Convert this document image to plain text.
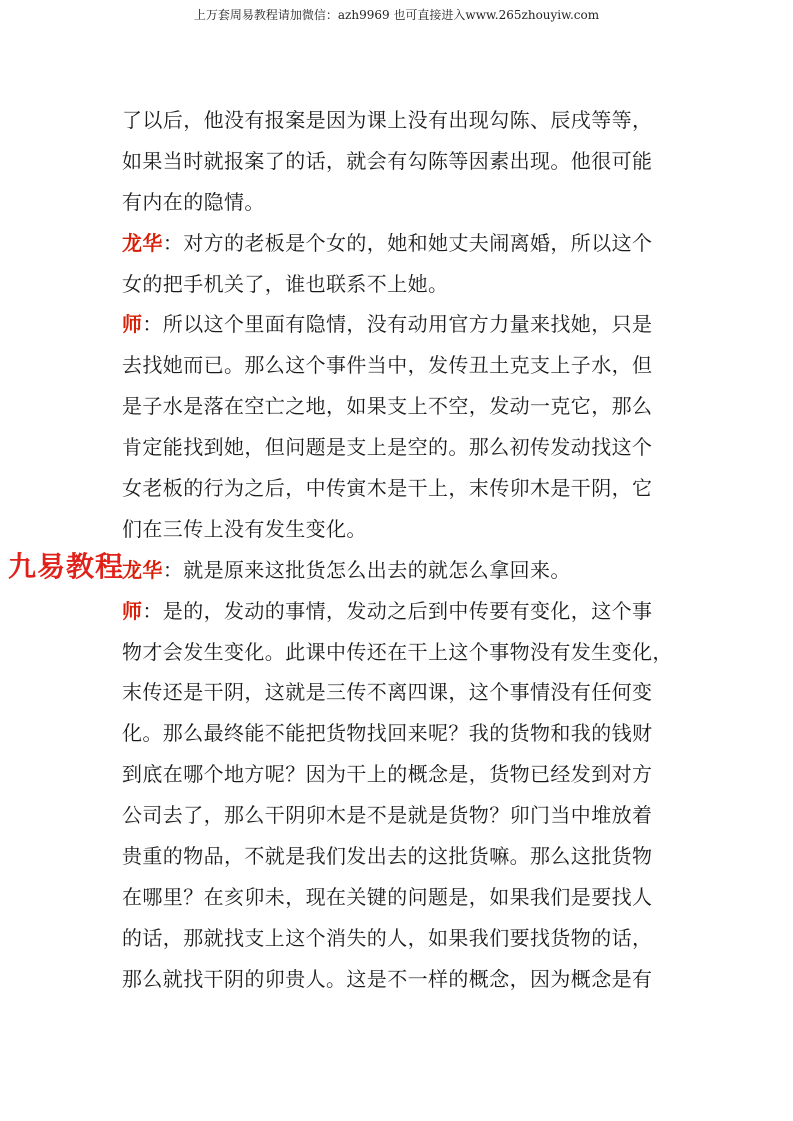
上万套周易教程请加微信：azh9969 也可直接进入www.265zhouyiw.com
了以后，他没有报案是因为课上没有出现勾陈、辰戌等等，
如果当时就报案了的话，就会有勾陈等因素出现。他很可能
有内在的隐情。
龙华：对方的老板是个女的，她和她丈夫闹离婚，所以这个
女的把手机关了，谁也联系不上她。
师：所以这个里面有隐情，没有动用官方力量来找她，只是
去找她而已。那么这个事件当中，发传丑土克支上子水，但
是子水是落在空亡之地，如果支上不空，发动一克它，那么
肯定能找到她，但问题是支上是空的。那么初传发动找这个
女老板的行为之后，中传寅木是干上，末传卯木是干阴，它
们在三传上没有发生变化。
龙华：就是原来这批货怎么出去的就怎么拿回来。
师：是的，发动的事情，发动之后到中传要有变化，这个事
物才会发生变化。此课中传还在干上这个事物没有发生变化，
末传还是干阴，这就是三传不离四课，这个事情没有任何变
化。那么最终能不能把货物找回来呢？我的货物和我的钱财
到底在哪个地方呢？因为干上的概念是，货物已经发到对方
公司去了，那么干阴卯木是不是就是货物？卯门当中堆放着
贵重的物品，不就是我们发出去的这批货嘛。那么这批货物
在哪里？在亥卯未，现在关键的问题是，如果我们是要找人
的话，那就找支上这个消失的人，如果我们要找货物的话，
那么就找干阴的卯贵人。这是不一样的概念，因为概念是有
九易教程
